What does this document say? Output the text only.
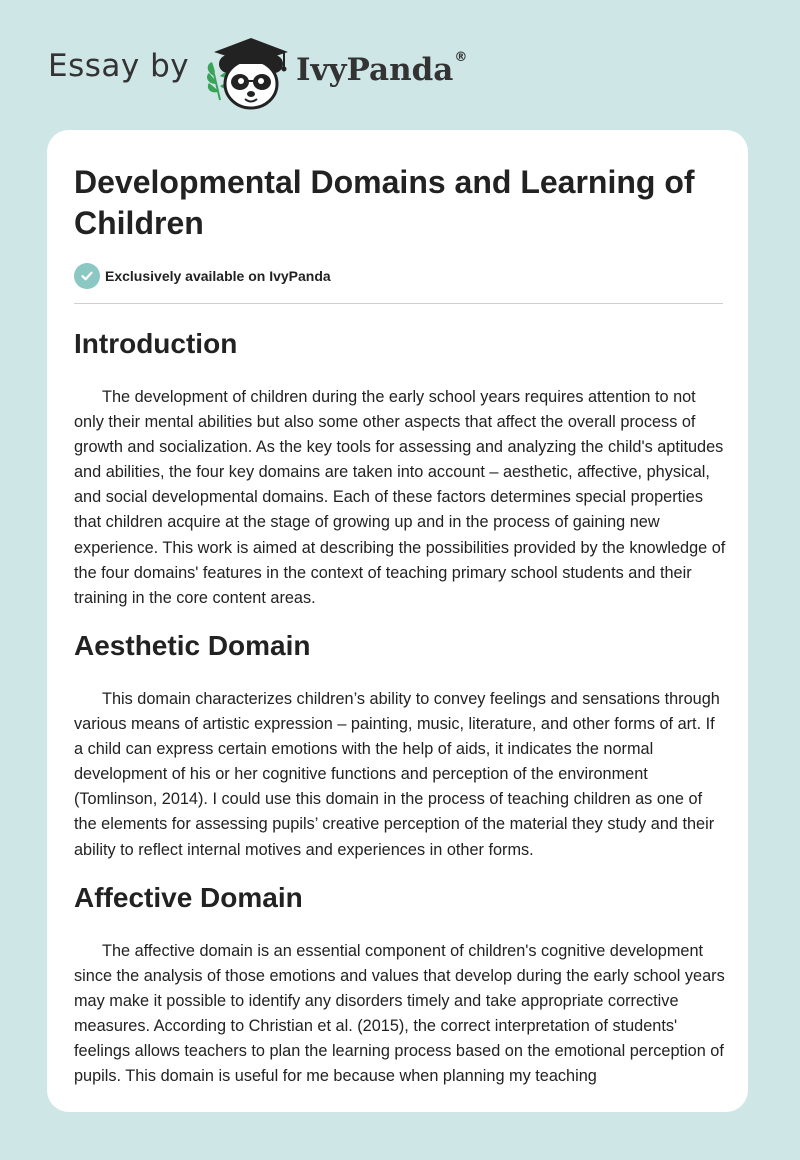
Essay by	IvyPanda®
Developmental Domains and Learning of Children
Exclusively available on IvyPanda
Introduction

The development of children during the early school years requires attention to not only their mental abilities but also some other aspects that affect the overall process of growth and socialization. As the key tools for assessing and analyzing the child's aptitudes and abilities, the four key domains are taken into account – aesthetic, affective, physical, and social developmental domains. Each of these factors determines special properties that children acquire at the stage of growing up and in the process of gaining new experience. This work is aimed at describing the possibilities provided by the knowledge of the four domains' features in the context of teaching primary school students and their training in the core content areas.

Aesthetic Domain

This domain characterizes children’s ability to convey feelings and sensations through various means of artistic expression – painting, music, literature, and other forms of art. If a child can express certain emotions with the help of aids, it indicates the normal development of his or her cognitive functions and perception of the environment (Tomlinson, 2014). I could use this domain in the process of teaching children as one of the elements for assessing pupils’ creative perception of the material they study and their ability to reflect internal motives and experiences in other forms.

Affective Domain

The affective domain is an essential component of children's cognitive development since the analysis of those emotions and values that develop during the early school years may make it possible to identify any disorders timely and take appropriate corrective measures. According to Christian et al. (2015), the correct interpretation of students' feelings allows teachers to plan the learning process based on the emotional perception of pupils. This domain is useful for me because when planning my teaching
